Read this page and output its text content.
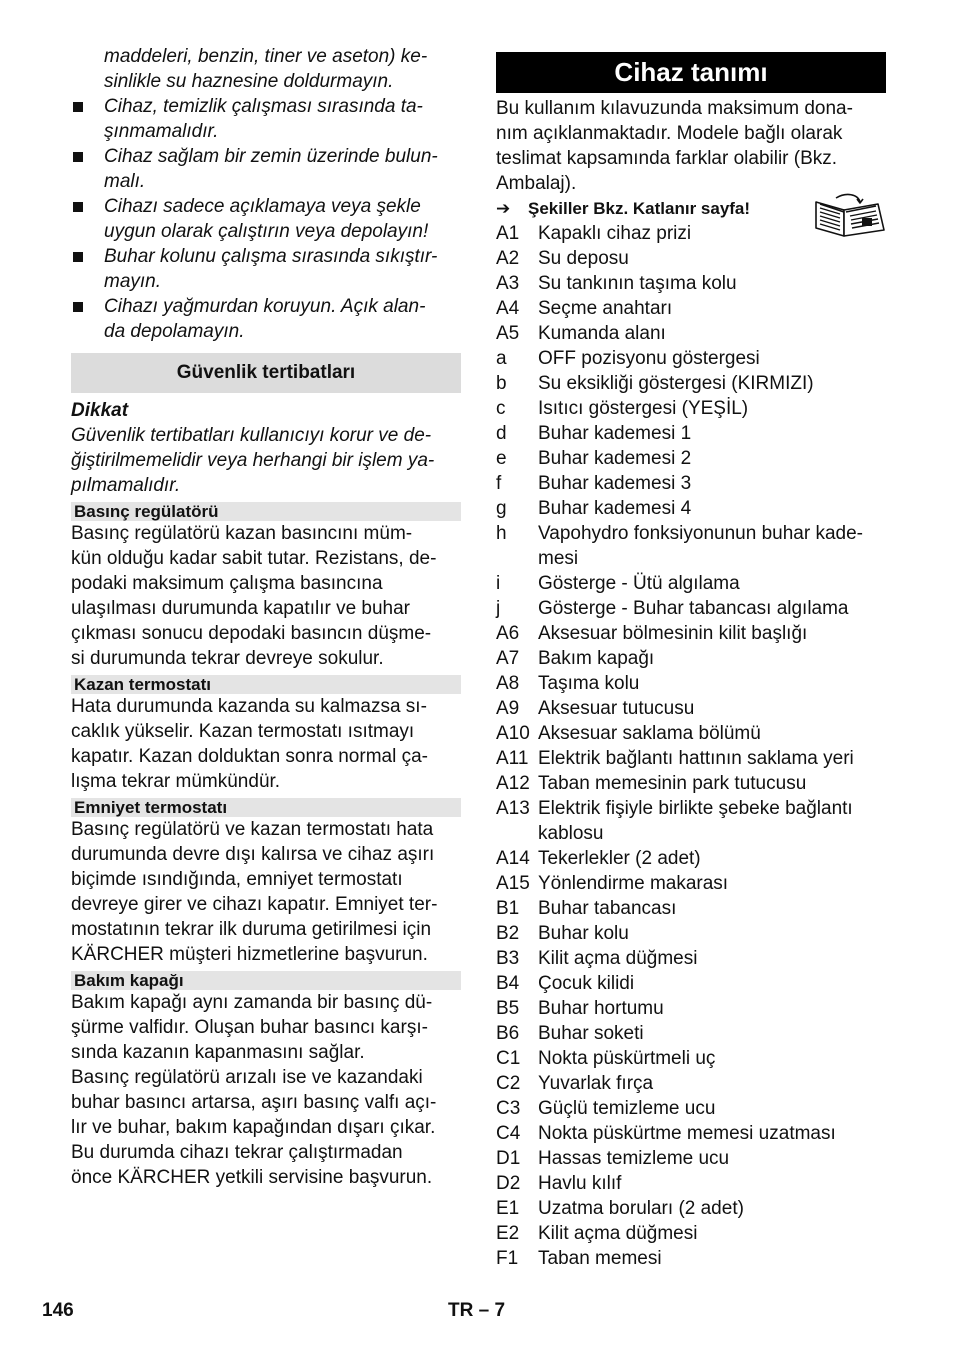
maddeleri, benzin, tiner ve aseton) ke-
sinlikle su haznesine doldurmayın.
Cihaz, temizlik çalışması sırasında ta-
şınmamalıdır.
Cihaz sağlam bir zemin üzerinde bulun-
malı.
Cihazı sadece açıklamaya veya şekle
uygun olarak çalıştırın veya depolayın!
Buhar kolunu çalışma sırasında sıkıştır-
mayın.
Cihazı yağmurdan koruyun. Açık alan-
da depolamayın.
Güvenlik tertibatları
Dikkat
Güvenlik tertibatları kullanıcıyı korur ve de-
ğiştirilmemelidir veya herhangi bir işlem ya-
pılmamalıdır.
Basınç regülatörü
Basınç regülatörü kazan basıncını müm-
kün olduğu kadar sabit tutar. Rezistans, de-
podaki maksimum çalışma basıncına
ulaşılması durumunda kapatılır ve buhar
çıkması sonucu depodaki basıncın düşme-
si durumunda tekrar devreye sokulur.
Kazan termostatı
Hata durumunda kazanda su kalmazsa sı-
caklık yükselir. Kazan termostatı ısıtmayı
kapatır. Kazan dolduktan sonra normal ça-
lışma tekrar mümkündür.
Emniyet termostatı
Basınç regülatörü ve kazan termostatı hata
durumunda devre dışı kalırsa ve cihaz aşırı
biçimde ısındığında, emniyet termostatı
devreye girer ve cihazı kapatır. Emniyet ter-
mostatının tekrar ilk duruma getirilmesi için
KÄRCHER müşteri hizmetlerine başvurun.
Bakım kapağı
Bakım kapağı aynı zamanda bir basınç dü-
şürme valfidır. Oluşan buhar basıncı karşı-
sında kazanın kapanmasını sağlar.
Basınç regülatörü arızalı ise ve kazandaki
buhar basıncı artarsa, aşırı basınç valfı açı-
lır ve buhar, bakım kapağından dışarı çıkar.
Bu durumda cihazı tekrar çalıştırmadan
önce KÄRCHER yetkili servisine başvurun.
Cihaz tanımı
Bu kullanım kılavuzunda maksimum dona-
nım açıklanmaktadır. Modele bağlı olarak
teslimat kapsamında farklar olabilir (Bkz.
Ambalaj).
➔ Şekiller Bkz. Katlanır sayfa!
A1 Kapaklı cihaz prizi
A2 Su deposu
A3 Su tankının taşıma kolu
A4 Seçme anahtarı
A5 Kumanda alanı
a	OFF pozisyonu göstergesi
b	Su eksikliği göstergesi (KIRMIZI)
c	Isıtıcı göstergesi (YEŞİL)
d	Buhar kademesi 1
e	Buhar kademesi 2
f	Buhar kademesi 3
g	Buhar kademesi 4
h	Vapohydro fonksiyonunun buhar kade-
mesi
i	Gösterge - Ütü algılama
j	Gösterge - Buhar tabancası algılama
A6 Aksesuar bölmesinin kilit başlığı
A7 Bakım kapağı
A8 Taşıma kolu
A9 Aksesuar tutucusu
A10 Aksesuar saklama bölümü
A11 Elektrik bağlantı hattının saklama yeri
A12 Taban memesinin park tutucusu
A13 Elektrik fişiyle birlikte şebeke bağlantı
kablosu
A14 Tekerlekler (2 adet)
A15 Yönlendirme makarası
B1 Buhar tabancası
B2 Buhar kolu
B3 Kilit açma düğmesi
B4 Çocuk kilidi
B5 Buhar hortumu
B6 Buhar soketi
C1 Nokta püskürtmeli uç
C2 Yuvarlak fırça
C3 Güçlü temizleme ucu
C4 Nokta püskürtme memesi uzatması
D1 Hassas temizleme ucu
D2 Havlu kılıf
E1 Uzatma boruları (2 adet)
E2 Kilit açma düğmesi
F1	Taban memesi
146	TR – 7
